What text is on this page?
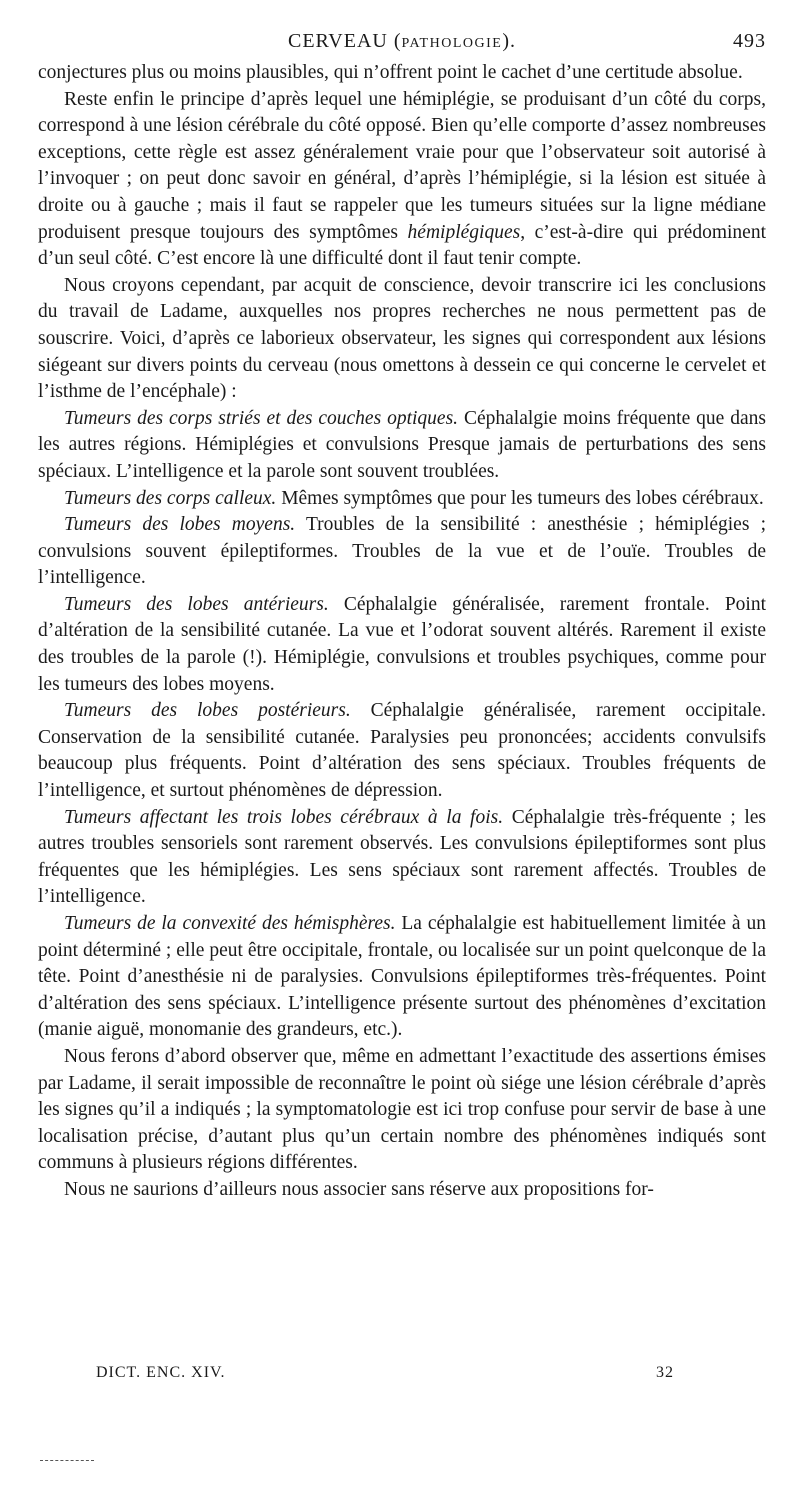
CERVEAU (PATHOLOGIE).	493

conjectures plus ou moins plausibles, qui n’offrent point le cachet d’une certitude absolue.

Reste enfin le principe d’après lequel une hémiplégie, se produisant d’un côté du corps, correspond à une lésion cérébrale du côté opposé. Bien qu’elle comporte d’assez nombreuses exceptions, cette règle est assez généralement vraie pour que l’observateur soit autorisé à l’invoquer ; on peut donc savoir en général, d’après l’hémiplégie, si la lésion est située à droite ou à gauche ; mais il faut se rappeler que les tumeurs situées sur la ligne médiane produisent presque toujours des symptômes hémiplégiques, c’est-à-dire qui prédominent d’un seul côté. C’est encore là une difficulté dont il faut tenir compte.

Nous croyons cependant, par acquit de conscience, devoir transcrire ici les conclusions du travail de Ladame, auxquelles nos propres recherches ne nous permettent pas de souscrire. Voici, d’après ce laborieux observateur, les signes qui correspondent aux lésions siégeant sur divers points du cerveau (nous omettons à dessein ce qui concerne le cervelet et l’isthme de l’encéphale) :

Tumeurs des corps striés et des couches optiques. Céphalalgie moins fréquente que dans les autres régions. Hémiplégies et convulsions Presque jamais de perturbations des sens spéciaux. L’intelligence et la parole sont souvent troublées.

Tumeurs des corps calleux. Mêmes symptômes que pour les tumeurs des lobes cérébraux.

Tumeurs des lobes moyens. Troubles de la sensibilité : anesthésie ; hémiplégies ; convulsions souvent épileptiformes. Troubles de la vue et de l’ouïe. Troubles de l’intelligence.

Tumeurs des lobes antérieurs. Céphalalgie généralisée, rarement frontale. Point d’altération de la sensibilité cutanée. La vue et l’odorat souvent altérés. Rarement il existe des troubles de la parole (!). Hémiplégie, convulsions et troubles psychiques, comme pour les tumeurs des lobes moyens.

Tumeurs des lobes postérieurs. Céphalalgie généralisée, rarement occipitale. Conservation de la sensibilité cutanée. Paralysies peu prononcées; accidents convulsifs beaucoup plus fréquents. Point d’altération des sens spéciaux. Troubles fréquents de l’intelligence, et surtout phénomènes de dépression.

Tumeurs affectant les trois lobes cérébraux à la fois. Céphalalgie très-fréquente ; les autres troubles sensoriels sont rarement observés. Les convulsions épileptiformes sont plus fréquentes que les hémiplégies. Les sens spéciaux sont rarement affectés. Troubles de l’intelligence.

Tumeurs de la convexité des hémisphères. La céphalalgie est habituellement limitée à un point déterminé ; elle peut être occipitale, frontale, ou localisée sur un point quelconque de la tête. Point d’anesthésie ni de paralysies. Convulsions épileptiformes très-fréquentes. Point d’altération des sens spéciaux. L’intelligence présente surtout des phénomènes d’excitation (manie aiguë, monomanie des grandeurs, etc.).

Nous ferons d’abord observer que, même en admettant l’exactitude des assertions émises par Ladame, il serait impossible de reconnaître le point où siége une lésion cérébrale d’après les signes qu’il a indiqués ; la symptomatologie est ici trop confuse pour servir de base à une localisation précise, d’autant plus qu’un certain nombre des phénomènes indiqués sont communs à plusieurs régions différentes.

Nous ne saurions d’ailleurs nous associer sans réserve aux propositions for-

DICT. ENC. XIV.	32
